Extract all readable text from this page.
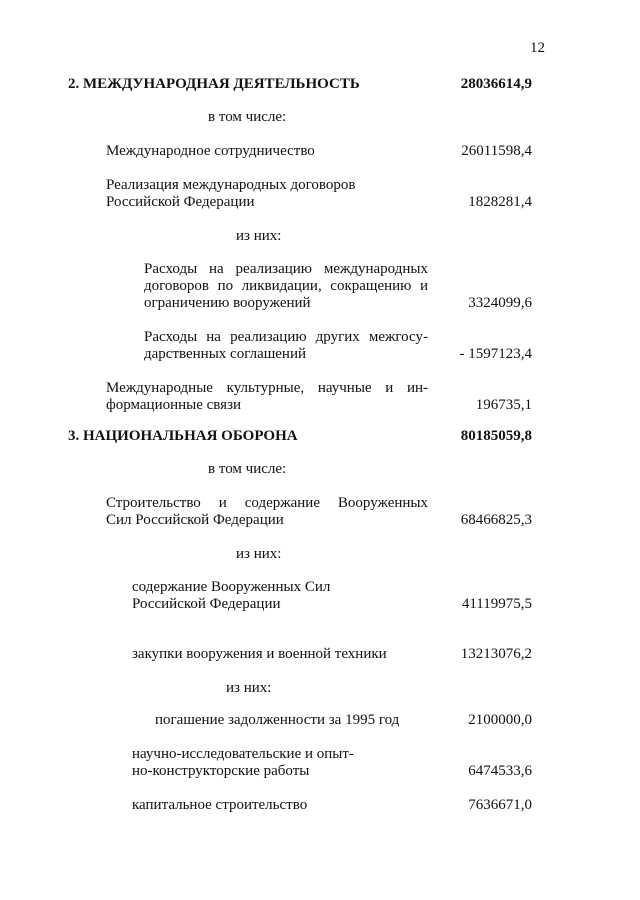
12
2. МЕЖДУНАРОДНАЯ ДЕЯТЕЛЬНОСТЬ	28036614,9
в том числе:
Международное сотрудничество	26011598,4
Реализация международных договоров
Российской Федерации	1828281,4
из них:
Расходы на реализацию международных
договоров по ликвидации, сокращению и
ограничению вооружений	3324099,6
Расходы на реализацию других межгосу-
дарственных соглашений	- 1597123,4
Международные культурные, научные и ин-
формационные связи	196735,1
3. НАЦИОНАЛЬНАЯ ОБОРОНА	80185059,8
в том числе:
Строительство и содержание Вооруженных
Сил Российской Федерации	68466825,3
из них:
содержание Вооруженных Сил
Российской Федерации	41119975,5
закупки вооружения и военной техники	13213076,2
из них:
погашение задолженности за 1995 год	2100000,0
научно-исследовательские и опыт-
но-конструкторские работы	6474533,6
капитальное строительство	7636671,0
